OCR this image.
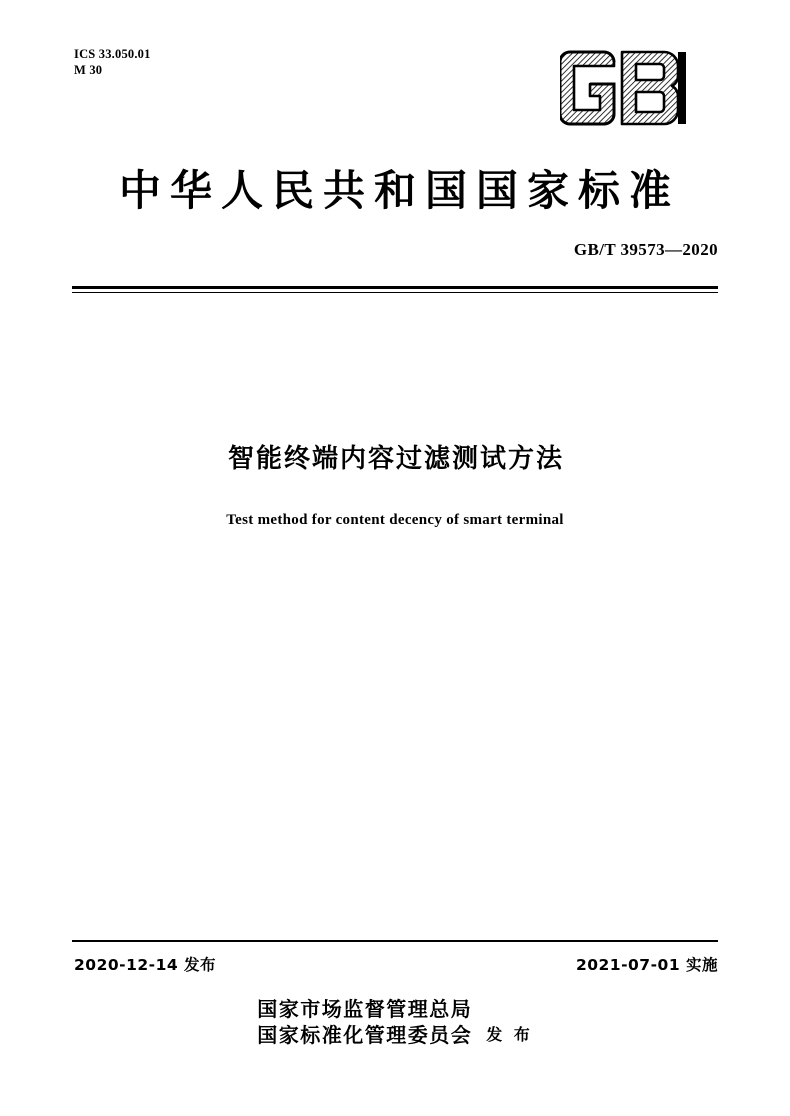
ICS 33.050.01
M 30
中华人民共和国国家标准
GB/T 39573—2020
智能终端内容过滤测试方法
Test method for content decency of smart terminal
2020-12-14 发布	2021-07-01 实施
国家市场监督管理总局
国家标准化管理委员会 发 布
